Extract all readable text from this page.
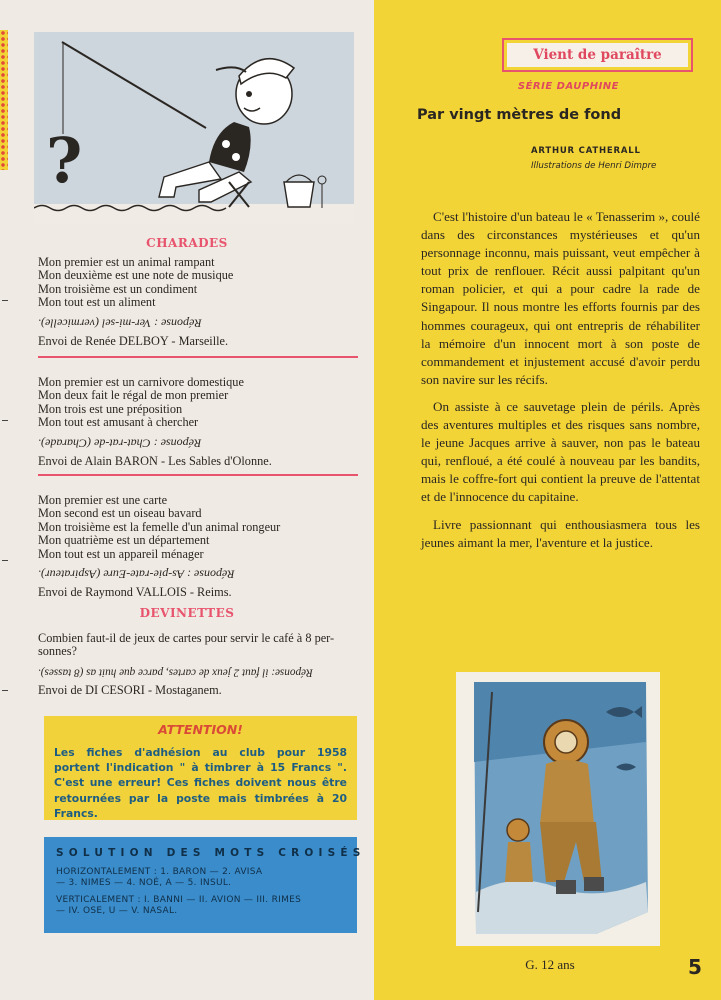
?
CHARADES
Mon premier est un animal rampant
Mon deuxième est une note de musique
Mon troisième est un condiment
Mon tout est un aliment
Réponse : Ver-mi-sel (vermicelle).
Envoi de Renée DELBOY - Marseille.
Mon premier est un carnivore domestique
Mon deux fait le régal de mon premier
Mon trois est une préposition
Mon tout est amusant à chercher
Réponse : Chat-rat-de (Charade).
Envoi de Alain BARON - Les Sables d'Olonne.
Mon premier est une carte
Mon second est un oiseau bavard
Mon troisième est la femelle d'un animal rongeur
Mon quatrième est un département
Mon tout est un appareil ménager
Réponse : As-pie-rate-Eure (Aspirateur).
Envoi de Raymond VALLOIS - Reims.
DEVINETTES
Combien faut-il de jeux de cartes pour servir le café à 8 per-
sonnes?
Réponse: il faut 2 jeux de cartes, parce que huit as (8 tasses).
Envoi de DI CESORI - Mostaganem.
ATTENTION!
Les fiches d'adhésion au club pour 1958 portent l'indication " à timbrer à 15 Francs ". C'est une erreur! Ces fiches doivent nous être retournées par la poste mais timbrées à 20 Francs.
SOLUTION DES MOTS CROISÉS
HORIZONTALEMENT : 1. BARON — 2. AVISA
— 3. NIMES — 4. NOÉ, A — 5. INSUL.
VERTICALEMENT : I. BANNI — II. AVION — III. RIMES
— IV. OSE, U — V. NASAL.
Vient de paraître
SÉRIE DAUPHINE
Par vingt mètres de fond
ARTHUR CATHERALL
Illustrations de Henri Dimpre

C'est l'histoire d'un bateau le « Tenasserim », coulé dans des circonstances mystérieuses et qu'un personnage inconnu, mais puissant, veut empêcher à tout prix de renflouer. Récit aussi palpitant qu'un roman policier, et qui a pour cadre la rade de Singapour. Il nous montre les efforts fournis par des hommes courageux, qui ont entrepris de réhabiliter la mémoire d'un innocent mort à son poste de commandement et injustement accusé d'avoir perdu son navire sur les récifs.

On assiste à ce sauvetage plein de périls. Après des aventures multiples et des risques sans nombre, le jeune Jacques arrive à sauver, non pas le bateau qui, renfloué, a été coulé à nouveau par les bandits, mais le coffre-fort qui contient la preuve de l'attentat et de l'innocence du capitaine.

Livre passionnant qui enthousiasmera tous les jeunes aimant la mer, l'aventure et la justice.

G. 12 ans	5
